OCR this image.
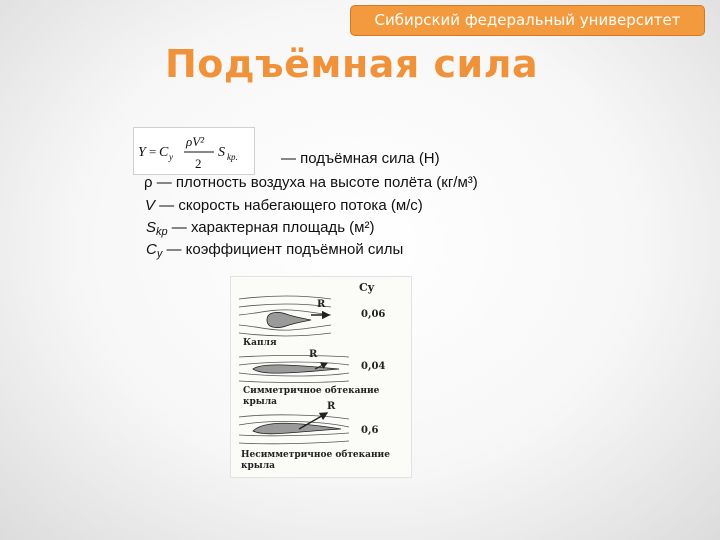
Сибирский федеральный университет
Подъёмная сила
Y = C y
ρV²
2
S kp.	— подъёмная сила (Н)
ρ — плотность воздуха на высоте полёта (кг/м³)
V — скорость набегающего потока (м/с)
$S_{kp}$ — характерная площадь (м²)
$C_y$ — коэффициент подъёмной силы
Cy
R
0,06
Капля
R
0,04
Симметричное обтекание
крыла	R
0,6
Несимметричное обтекание
крыла
